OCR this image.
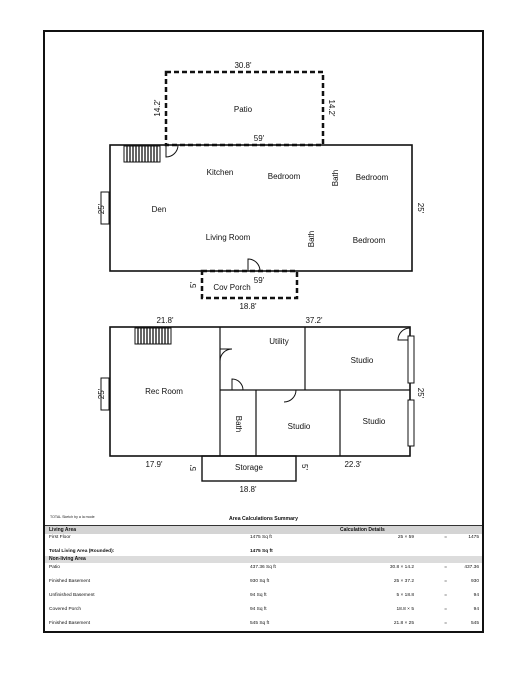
30.8'
14.2'	14.2'
59'
25'	25'
59'
5'
18.8'
Patio
Kitchen	Bedroom	Bath Bedroom
Den
Living Room	Bath	Bedroom
Cov Porch
21.8'	37.2'
25'	25'
17.9'	5'	5'	22.3'
18.8'
Utility
Studio
Rec Room
Bath	Studio
Studio
Storage
TOTAL Sketch by a la mode	Area Calculations Summary
Living Area	Calculation Details
First Floor	1475 Sq ft	25 × 59	=	1475
Total Living Area (Rounded):	1475 Sq ft
Non-living Area
Patio	437.36 Sq ft	30.8 × 14.2	=	437.36
Finished Basement	930 Sq ft	25 × 37.2	=	930
Unfinished Basement	94 Sq ft	5 × 18.8	=	94
Covered Porch	94 Sq ft	18.8 × 5	=	94
Finished Basement	545 Sq ft	21.8 × 25	=	545
